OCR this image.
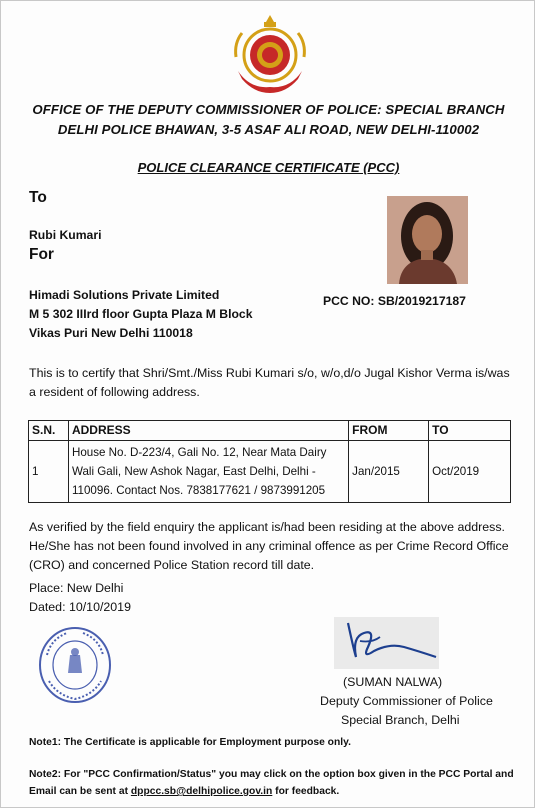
OFFICE OF THE DEPUTY COMMISSIONER OF POLICE: SPECIAL BRANCH
DELHI POLICE BHAWAN, 3-5 ASAF ALI ROAD, NEW DELHI-110002
POLICE CLEARANCE CERTIFICATE (PCC)
To
Rubi Kumari
For
Himadi Solutions Private Limited
M 5 302 IIIrd floor Gupta Plaza M Block
Vikas Puri New Delhi 110018
PCC NO: SB/2019217187
This is to certify that Shri/Smt./Miss Rubi Kumari s/o, w/o,d/o Jugal Kishor Verma is/was
a resident of following address.
S.N.	ADDRESS	FROM	TO
1	House No. D-223/4, Gali No. 12, Near Mata Dairy
Wali Gali, New Ashok Nagar, East Delhi, Delhi -
110096. Contact Nos. 7838177621 / 9873991205	Jan/2015	Oct/2019
As verified by the field enquiry the applicant is/had been residing at the above address.
He/She has not been found involved in any criminal offence as per Crime Record Office
(CRO) and concerned Police Station record till date.
Place: New Delhi
Dated: 10/10/2019
(SUMAN NALWA)
Deputy Commissioner of Police
Special Branch, Delhi
Note1: The Certificate is applicable for Employment purpose only.
Note2: For "PCC Confirmation/Status" you may click on the option box given in the PCC Portal and
Email can be sent at dppcc.sb@delhipolice.gov.in for feedback.
